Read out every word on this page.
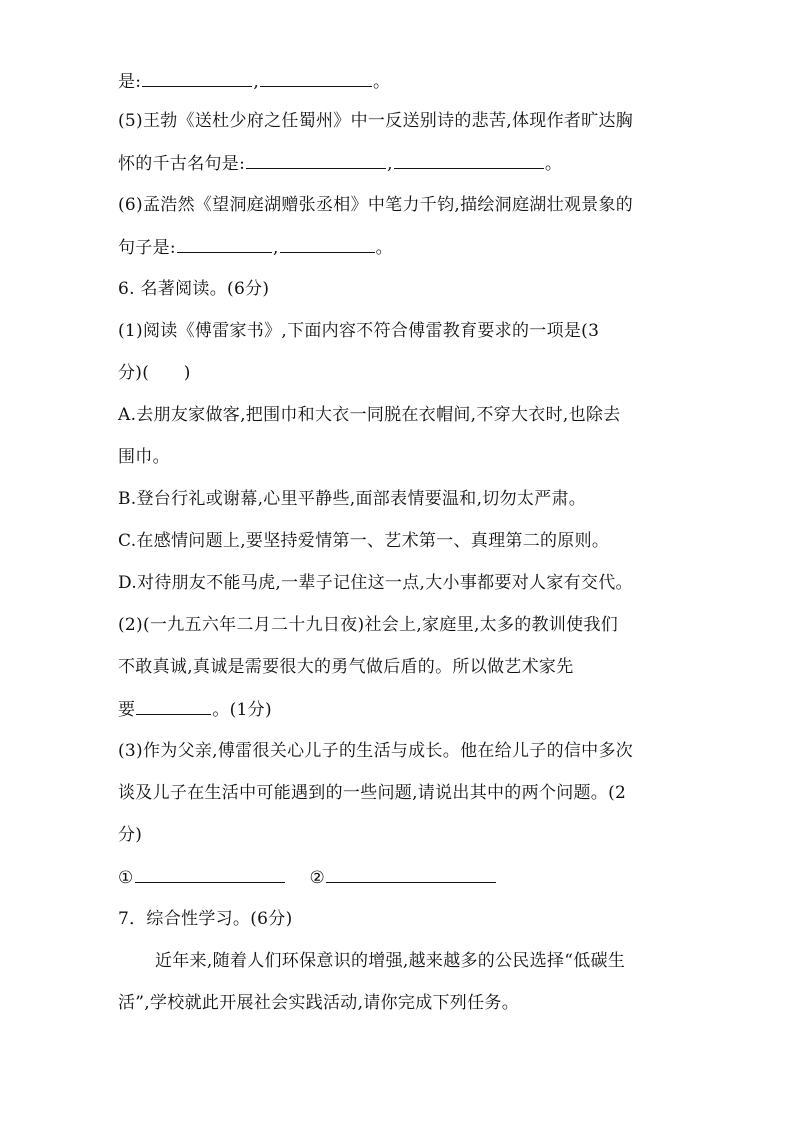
是:	,	。
(5)王勃《送杜少府之任蜀州》中一反送别诗的悲苦,体现作者旷达胸
怀的千古名句是:	,	。
(6)孟浩然《望洞庭湖赠张丞相》中笔力千钧,描绘洞庭湖壮观景象的
句子是:	,	。
6. 名著阅读。(6分)
(1)阅读《傅雷家书》,下面内容不符合傅雷教育要求的一项是(3
分)(　　)
A.去朋友家做客,把围巾和大衣一同脱在衣帽间,不穿大衣时,也除去
围巾。
B.登台行礼或谢幕,心里平静些,面部表情要温和,切勿太严肃。
C.在感情问题上,要坚持爱情第一、艺术第一、真理第二的原则。
D.对待朋友不能马虎,一辈子记住这一点,大小事都要对人家有交代。
(2)(一九五六年二月二十九日夜)社会上,家庭里,太多的教训使我们
不敢真诚,真诚是需要很大的勇气做后盾的。所以做艺术家先
要	。(1分)
(3)作为父亲,傅雷很关心儿子的生活与成长。他在给儿子的信中多次
谈及儿子在生活中可能遇到的一些问题,请说出其中的两个问题。(2
分)
①	②
7．综合性学习。(6分)
近年来,随着人们环保意识的增强,越来越多的公民选择“低碳生
活”,学校就此开展社会实践活动,请你完成下列任务。
